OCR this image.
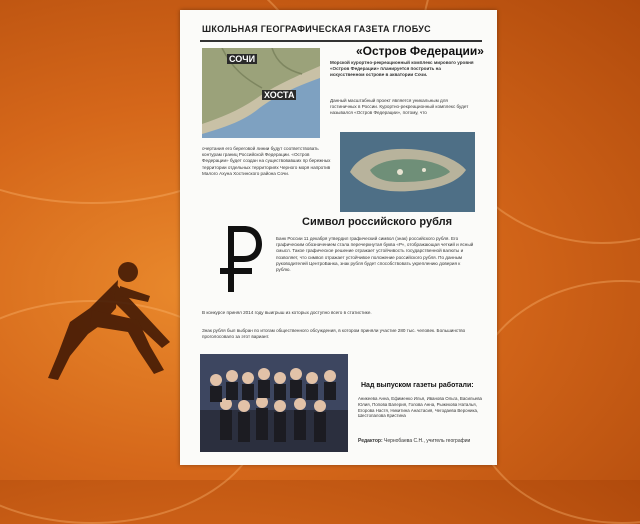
ШКОЛЬНАЯ ГЕОГРАФИЧЕСКАЯ ГАЗЕТА ГЛОБУС
СОЧИ
ХОСТА
«Остров Федерации»
Морской курортно-рекреационный комплекс мирового уровня «Остров Федерации» планируется построить на искусственном острове в акватории Сочи.
Данный масштабный проект является уникальным для гостиничных в России. Курортно-рекреационный комплекс будет назывался «Остров Федерации», потому, что
очертания его береговой линии будут соответствовать контурам границ Российской Федерации. «Остров Федерации» будет создан на существовавших пр бережных территории отдельных территориях Черного моря напротив Малого Ахуна Хостинского района Сочи.
Символ российского рубля
Банк России 11 декабря утвердил графический символ (знак) российского рубля. Его графическим обозначением стала перечеркнутая буква «Р», отображающая четкий и ясный смысл. Такое графическое решение отражает устойчивость государственной валюты и позволяет, что символ отражает устойчивое положение российского рубля. По данным руководителей ЦентроБанка, знак рубля будет способствовать укреплению доверия к рублю.
В конкурсе принял 2014 году выигрыш из которых доступно всего в статистике.
Знак рубля был выбран по итогам общественного обсуждения, в котором приняли участие 280 тыс. человек. Большинство проголосовало за этот вариант.
Над выпуском газеты работали:
Аникеева Анна, Ефименко Илья, Иванова Ольга, Васильева Юлия, Попова Валерия, Голова Анна, Рыжекова Наталья, Егорова Настя, Никитина Анастасия, Чегодаева Вероника, Шестопалова Кристина
Редактор: Чернобаева С.Н., учитель географии
